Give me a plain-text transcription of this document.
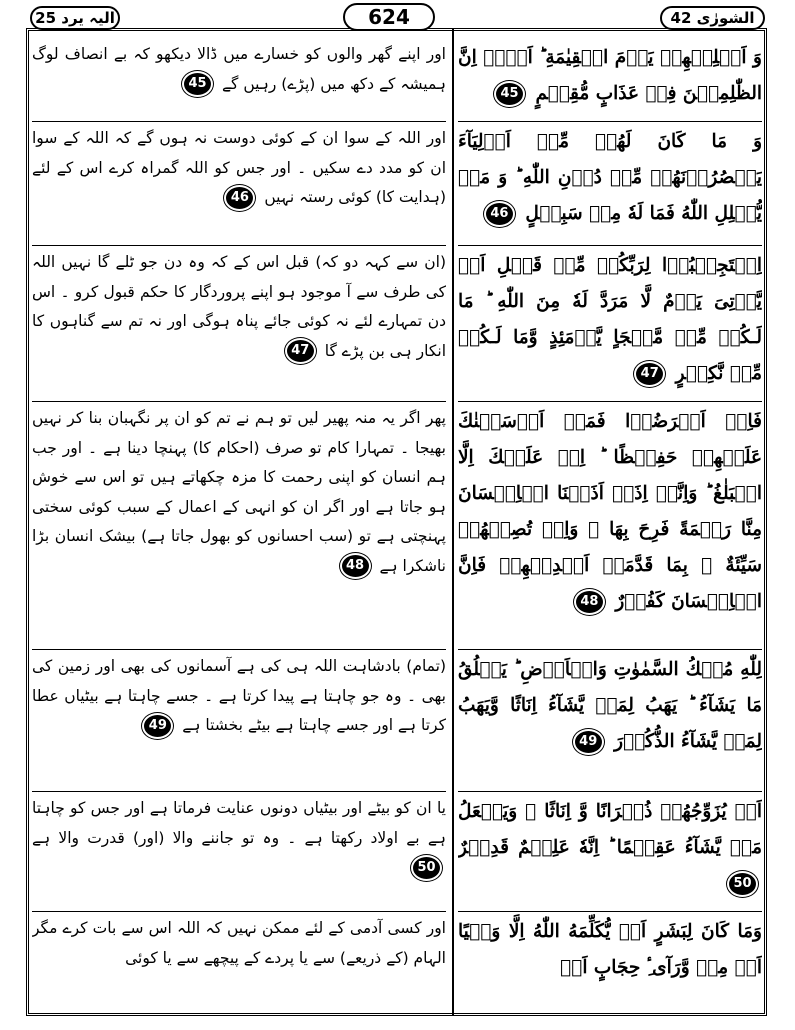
الیہ یرد 25	624	الشورٰی 42
اور اپنے گھر والوں کو خسارے میں ڈالا دیکھو کہ بے انصاف لوگ ہمیشہ کے دکھ میں (پڑے) رہیں گے 45
اور اللہ کے سوا ان کے کوئی دوست نہ ہوں گے کہ اللہ کے سوا ان کو مدد دے سکیں ۔ اور جس کو اللہ گمراہ کرے اس کے لئے (ہدایت کا) کوئی رستہ نہیں 46
(ان سے کہہ دو کہ) قبل اس کے کہ وہ دن جو ٹلے گا نہیں اللہ کی طرف سے آ موجود ہو اپنے پروردگار کا حکم قبول کرو ۔ اس دن تمہارے لئے نہ کوئی جائے پناہ ہوگی اور نہ تم سے گناہوں کا انکار ہی بن پڑے گا 47
پھر اگر یہ منہ پھیر لیں تو ہم نے تم کو ان پر نگہبان بنا کر نہیں بھیجا ۔ تمہارا کام تو صرف (احکام کا) پہنچا دینا ہے ۔ اور جب ہم انسان کو اپنی رحمت کا مزہ چکھاتے ہیں تو اس سے خوش ہو جاتا ہے اور اگر ان کو انہی کے اعمال کے سبب کوئی سختی پہنچتی ہے تو (سب احسانوں کو بھول جاتا ہے) بیشک انسان بڑا ناشکرا ہے 48
(تمام) بادشاہت اللہ ہی کی ہے آسمانوں کی بھی اور زمین کی بھی ۔ وہ جو چاہتا ہے پیدا کرتا ہے ۔ جسے چاہتا ہے بیٹیاں عطا کرتا ہے اور جسے چاہتا ہے بیٹے بخشتا ہے 49
یا ان کو بیٹے اور بیٹیاں دونوں عنایت فرماتا ہے اور جس کو چاہتا ہے بے اولاد رکھتا ہے ۔ وہ تو جاننے والا (اور) قدرت والا ہے 50
اور کسی آدمی کے لئے ممکن نہیں کہ اللہ اس سے بات کرے مگر الہام (کے ذریعے) سے یا پردے کے پیچھے سے یا کوئی
وَ اَهۡلِيۡهِمۡ يَوۡمَ الۡقِيٰمَةِ ؕ اَلَاۤ اِنَّ الظّٰلِمِيۡنَ فِىۡ عَذَابٍ مُّقِيۡمٍ 45
وَ مَا كَانَ لَهُمۡ مِّنۡ اَوۡلِيَآءَ يَنۡصُرُوۡنَهُمۡ مِّنۡ دُوۡنِ اللّٰهِ ؕ وَ مَنۡ يُّضۡلِلِ اللّٰهُ فَمَا لَهٗ مِنۡ سَبِيۡلٍ 46
اِسۡتَجِيۡبُوۡا لِرَبِّكُمۡ مِّنۡ قَبۡلِ اَنۡ يَّاۡتِىَ يَوۡمٌ لَّا مَرَدَّ لَهٗ مِنَ اللّٰهِ ؕ مَا لَـكُمۡ مِّنۡ مَّلۡجَاٍ يَّوۡمَئِذٍ وَّمَا لَـكُمۡ مِّنۡ نَّكِيۡرٍ 47
فَاِنۡ اَعۡرَضُوۡا فَمَاۤ اَرۡسَلۡنٰكَ عَلَيۡهِمۡ حَفِيۡظًا ؕ اِنۡ عَلَيۡكَ اِلَّا الۡبَلٰغُ ؕ وَاِنَّاۤ اِذَاۤ اَذَقۡنَا الۡاِنۡسَانَ مِنَّا رَحۡمَةً فَرِحَ بِهَا ۚ وَاِنۡ تُصِبۡهُمۡ سَيِّئَةٌ ۢ بِمَا قَدَّمَتۡ اَيۡدِيۡهِمۡ فَاِنَّ الۡاِنۡسَانَ كَفُوۡرٌ 48
لِلّٰهِ مُلۡكُ السَّمٰوٰتِ وَالۡاَرۡضِ ؕ يَخۡلُقُ مَا يَشَآءُ ؕ يَهَبُ لِمَنۡ يَّشَآءُ اِنَاثًا وَّيَهَبُ لِمَنۡ يَّشَآءُ الذُّكُوۡرَ 49
اَوۡ يُزَوِّجُهُمۡ ذُكۡرَانًا وَّ اِنَاثًا ۚ وَيَجۡعَلُ مَنۡ يَّشَآءُ عَقِيۡمًا ؕ اِنَّهٗ عَلِيۡمٌ قَدِيۡرٌ 50
وَمَا كَانَ لِبَشَرٍ اَنۡ يُّكَلِّمَهُ اللّٰهُ اِلَّا وَحۡيًا اَوۡ مِنۡ وَّرَآىٴِ حِجَابٍ اَوۡ
